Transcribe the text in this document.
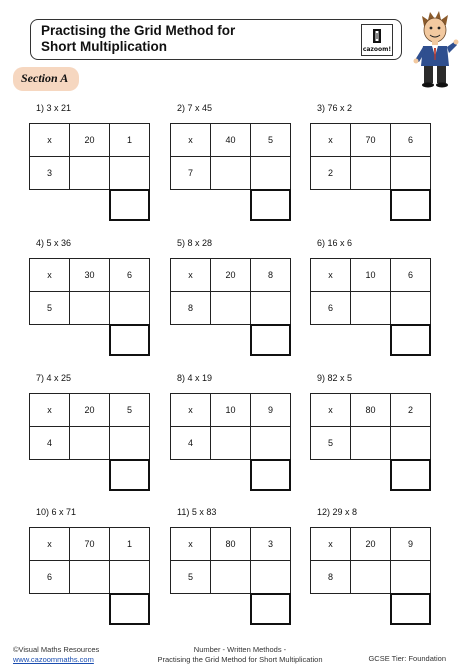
Practising the Grid Method for
Short Multiplication	cazoom!
Section A
1) 3 x 21
x	20	1
3
2) 7 x 45
x	40	5
7
3) 76 x 2
x	70	6
2
4) 5 x 36
x	30	6
5
5) 8 x 28
x	20	8
8
6) 16 x 6
x	10	6
6
7) 4 x 25
x	20	5
4
8) 4 x 19
x	10	9
4
9) 82 x 5
x	80	2
5
10) 6 x 71
x	70	1
6
11) 5 x 83
x	80	3
5
12) 29 x 8
x	20	9
8
©Visual Maths Resources
www.cazoommaths.com
Number - Written Methods -
Practising the Grid Method for Short Multiplication	GCSE Tier: Foundation
